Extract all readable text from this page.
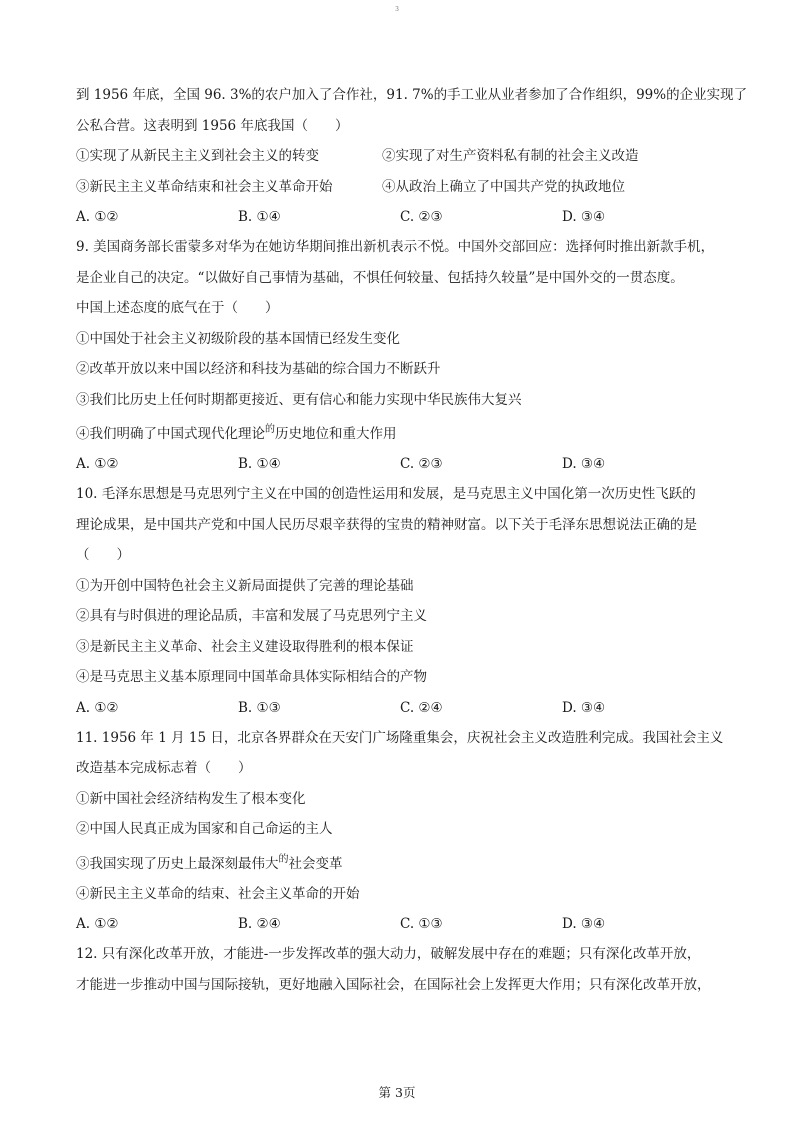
3
到 1956 年底，全国 96. 3%的农户加入了合作社，91. 7%的手工业从业者参加了合作组织，99%的企业实现了
公私合营。这表明到 1956 年底我国（　　）
①实现了从新民主主义到社会主义的转变	②实现了对生产资料私有制的社会主义改造
③新民主主义革命结束和社会主义革命开始	④从政治上确立了中国共产党的执政地位
A. ①②	B. ①④	C. ②③	D. ③④
9. 美国商务部长雷蒙多对华为在她访华期间推出新机表示不悦。中国外交部回应：选择何时推出新款手机，
是企业自己的决定。“以做好自己事情为基础，不惧任何较量、包括持久较量”是中国外交的一贯态度。
中国上述态度的底气在于（　　）
①中国处于社会主义初级阶段的基本国情已经发生变化
②改革开放以来中国以经济和科技为基础的综合国力不断跃升
③我们比历史上任何时期都更接近、更有信心和能力实现中华民族伟大复兴
④我们明确了中国式现代化理论$^的$历史地位和重大作用
A. ①②	B. ①④	C. ②③	D. ③④
10. 毛泽东思想是马克思列宁主义在中国的创造性运用和发展，是马克思主义中国化第一次历史性飞跃的
理论成果，是中国共产党和中国人民历尽艰辛获得的宝贵的精神财富。以下关于毛泽东思想说法正确的是
（　　）
①为开创中国特色社会主义新局面提供了完善的理论基础
②具有与时俱进的理论品质，丰富和发展了马克思列宁主义
③是新民主主义革命、社会主义建设取得胜利的根本保证
④是马克思主义基本原理同中国革命具体实际相结合的产物
A. ①②	B. ①③	C. ②④	D. ③④
11. 1956 年 1 月 15 日，北京各界群众在天安门广场隆重集会，庆祝社会主义改造胜利完成。我国社会主义
改造基本完成标志着（　　）
①新中国社会经济结构发生了根本变化
②中国人民真正成为国家和自己命运的主人
③我国实现了历史上最深刻最伟大$^的$社会变革
④新民主主义革命的结束、社会主义革命的开始
A. ①②	B. ②④	C. ①③	D. ③④
12. 只有深化改革开放，才能进-一步发挥改革的强大动力，破解发展中存在的难题；只有深化改革开放，
才能进一步推动中国与国际接轨，更好地融入国际社会，在国际社会上发挥更大作用；只有深化改革开放，
第 3页
